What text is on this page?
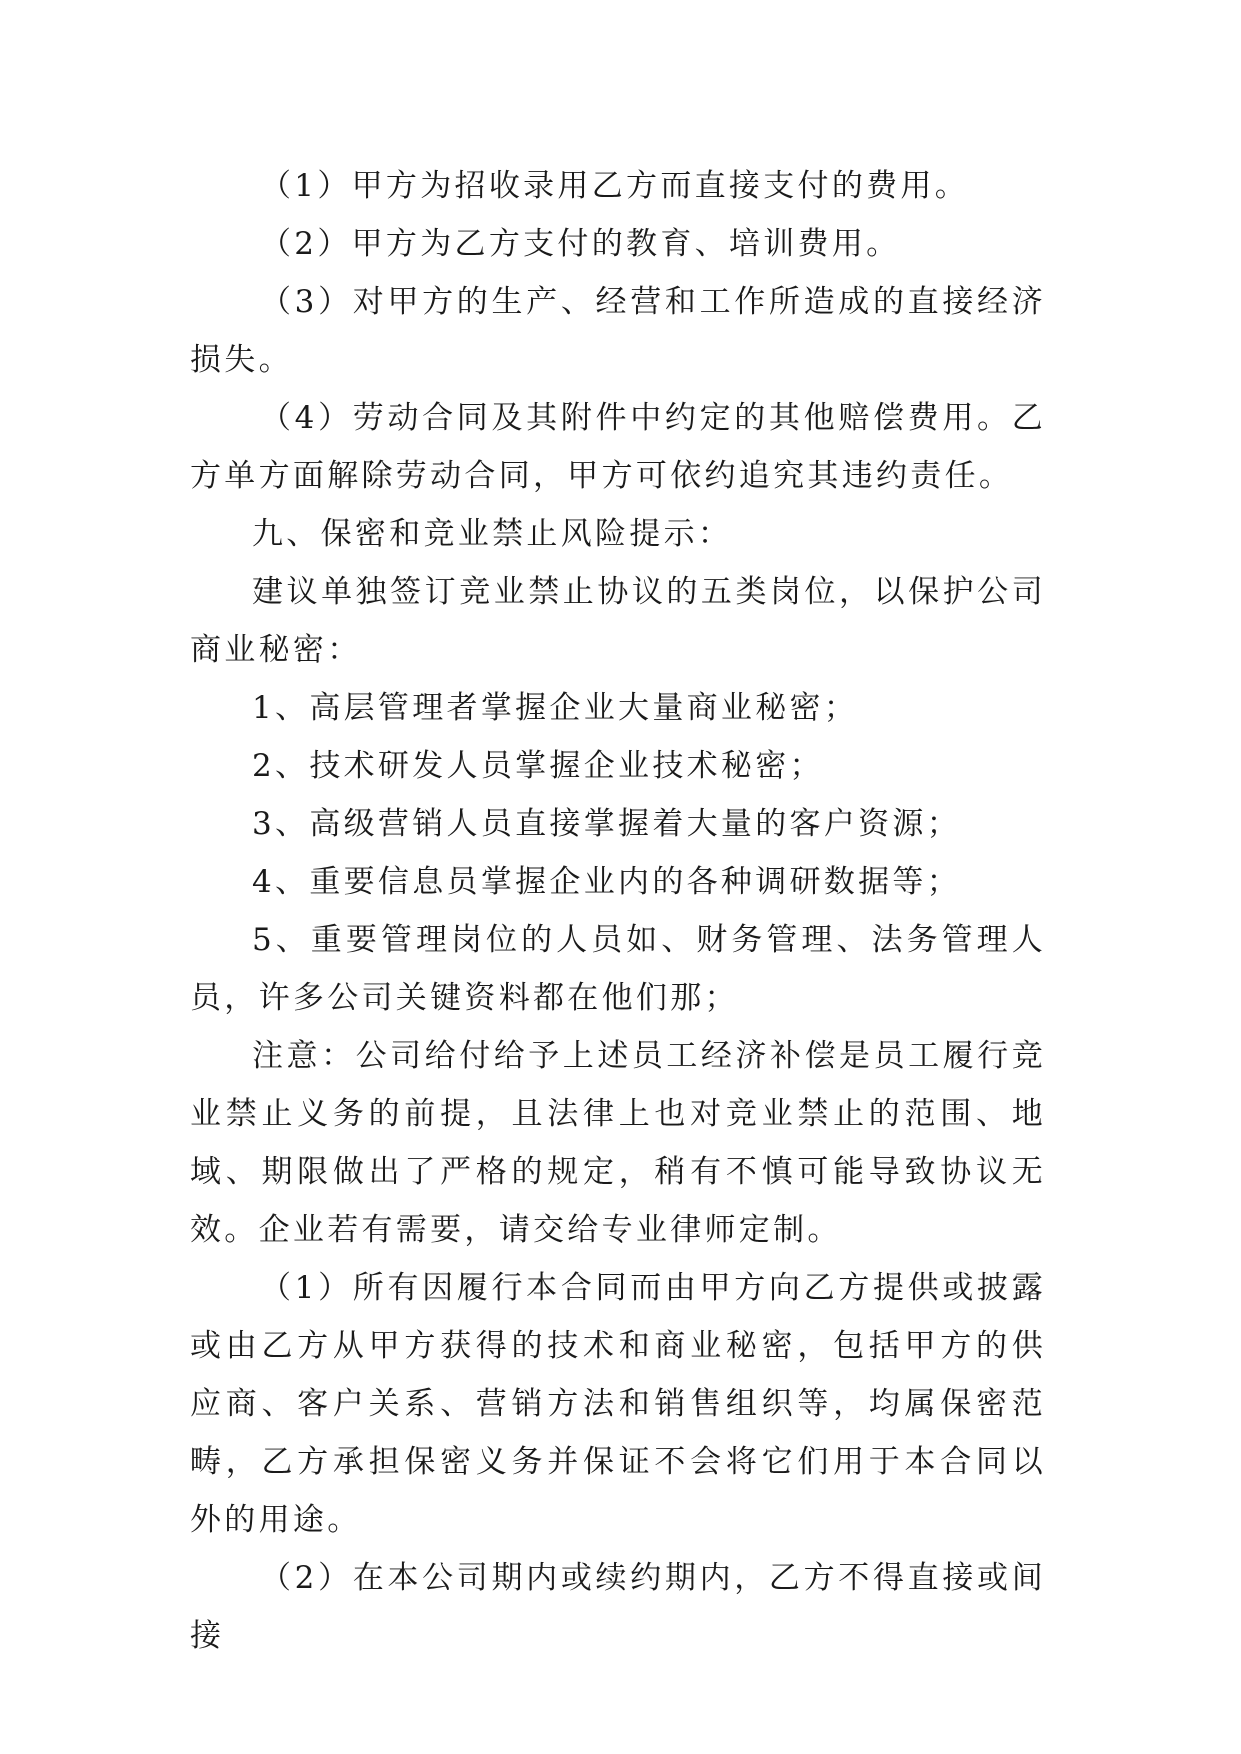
（1）甲方为招收录用乙方而直接支付的费用。

（2）甲方为乙方支付的教育、培训费用。

（3）对甲方的生产、经营和工作所造成的直接经济损失。

（4）劳动合同及其附件中约定的其他赔偿费用。乙方单方面解除劳动合同，甲方可依约追究其违约责任。

九、保密和竞业禁止风险提示：

建议单独签订竞业禁止协议的五类岗位，以保护公司商业秘密：

1、高层管理者掌握企业大量商业秘密；

2、技术研发人员掌握企业技术秘密；

3、高级营销人员直接掌握着大量的客户资源；

4、重要信息员掌握企业内的各种调研数据等；

5、重要管理岗位的人员如、财务管理、法务管理人员，许多公司关键资料都在他们那；

注意：公司给付给予上述员工经济补偿是员工履行竞业禁止义务的前提，且法律上也对竞业禁止的范围、地域、期限做出了严格的规定，稍有不慎可能导致协议无效。企业若有需要，请交给专业律师定制。

（1）所有因履行本合同而由甲方向乙方提供或披露或由乙方从甲方获得的技术和商业秘密，包括甲方的供应商、客户关系、营销方法和销售组织等，均属保密范畴，乙方承担保密义务并保证不会将它们用于本合同以外的用途。

（2）在本公司期内或续约期内，乙方不得直接或间接
